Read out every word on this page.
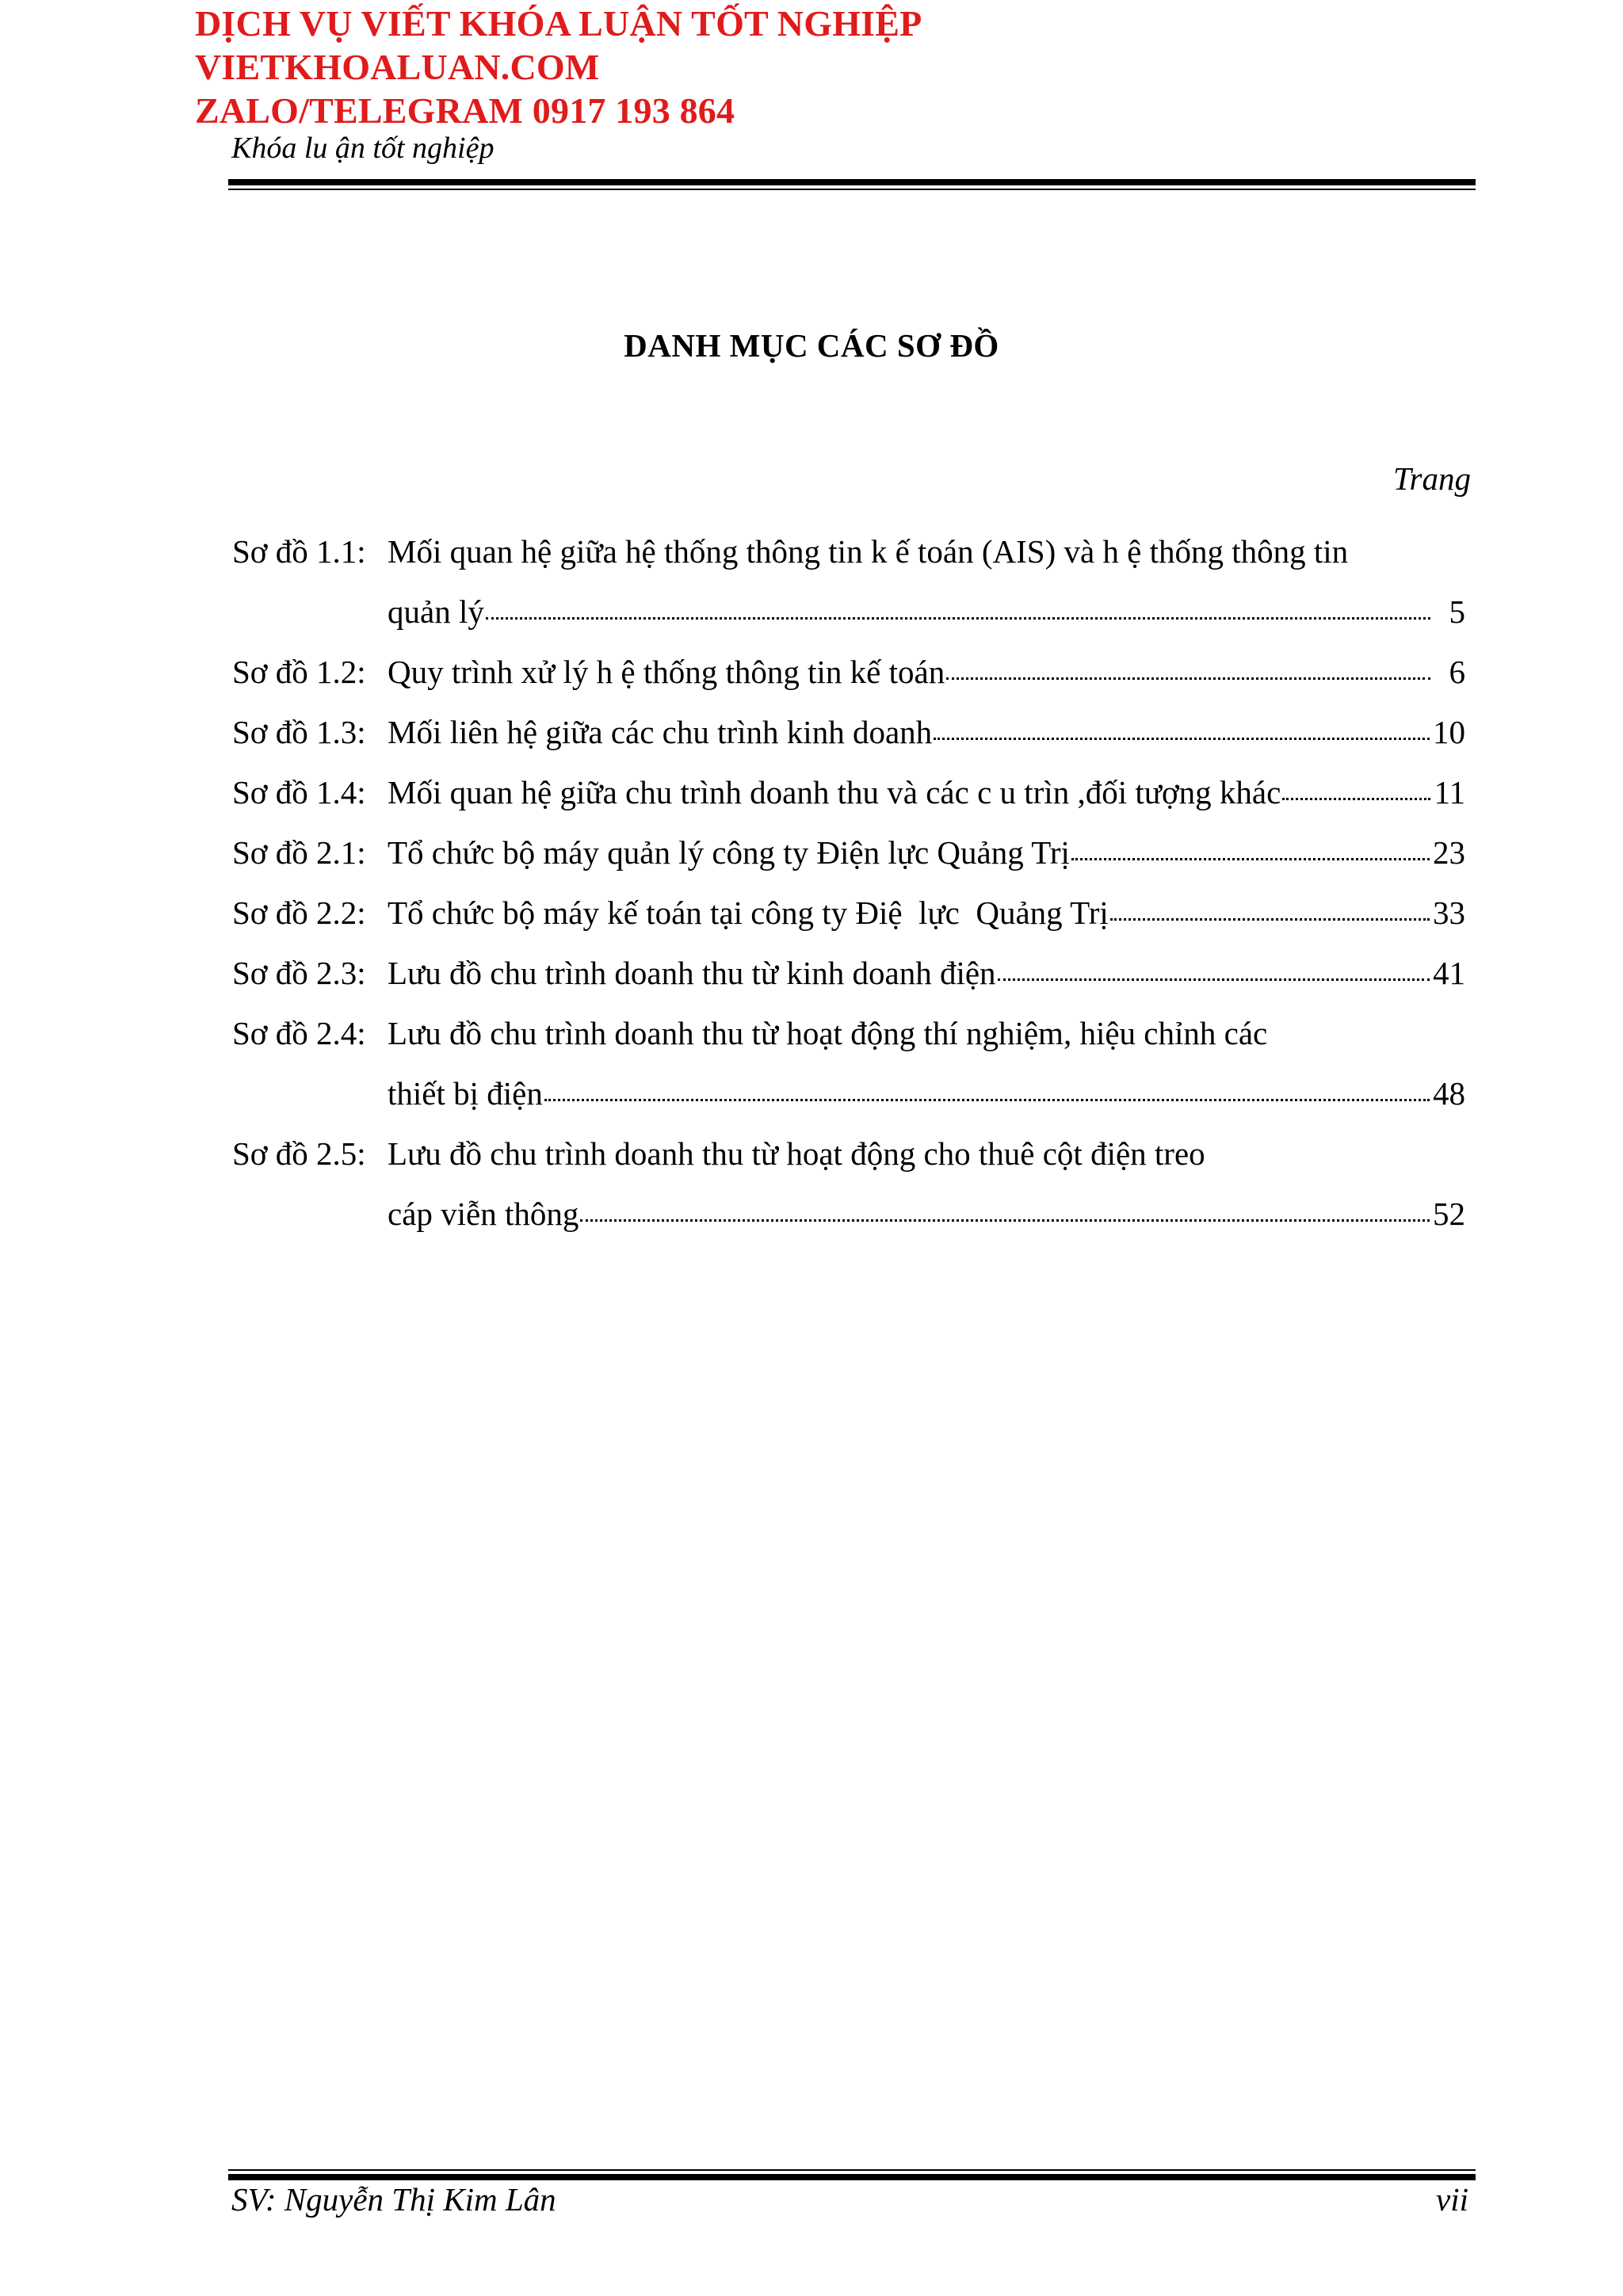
DỊCH VỤ VIẾT KHÓA LUẬN TỐT NGHIỆP
VIETKHOALUAN.COM
ZALO/TELEGRAM 0917 193 864
Khóa lu ận tốt nghiệp
DANH MỤC CÁC SƠ ĐỒ
Trang
Sơ đồ 1.1: Mối quan hệ giữa hệ thống thông tin k ế toán (AIS) và h ệ thống thông tin
quản lý	5
Sơ đồ 1.2: Quy trình xử lý h ệ thống thông tin kế toán	6
Sơ đồ 1.3: Mối liên hệ giữa các chu trình kinh doanh	10
Sơ đồ 1.4: Mối quan hệ giữa chu trình doanh thu và các c u trìn ,đối tượng khác	11
Sơ đồ 2.1: Tổ chức bộ máy quản lý công ty Điện lực Quảng Trị	23
Sơ đồ 2.2: Tổ chức bộ máy kế toán tại công ty Điệ  lực  Quảng Trị	33
Sơ đồ 2.3: Lưu đồ chu trình doanh thu từ kinh doanh điện	41
Sơ đồ 2.4: Lưu đồ chu trình doanh thu từ hoạt động thí nghiệm, hiệu chỉnh các
thiết bị điện	48
Sơ đồ 2.5: Lưu đồ chu trình doanh thu từ hoạt động cho thuê cột điện treo
cáp viễn thông	52
SV: Nguyễn Thị Kim Lân	vii
